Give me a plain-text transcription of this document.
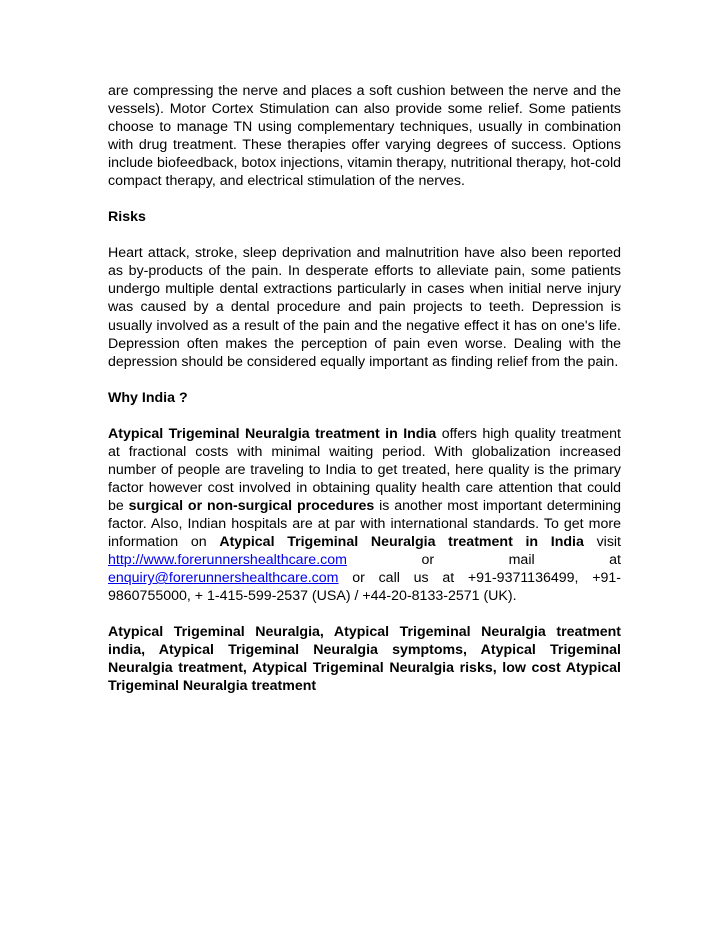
are compressing the nerve and places a soft cushion between the nerve and the vessels). Motor Cortex Stimulation can also provide some relief. Some patients choose to manage TN using complementary techniques, usually in combination with drug treatment. These therapies offer varying degrees of success. Options include biofeedback, botox injections, vitamin therapy, nutritional therapy, hot-cold compact therapy, and electrical stimulation of the nerves.

Risks

Heart attack, stroke, sleep deprivation and malnutrition have also been reported as by-products of the pain. In desperate efforts to alleviate pain, some patients undergo multiple dental extractions particularly in cases when initial nerve injury was caused by a dental procedure and pain projects to teeth. Depression is usually involved as a result of the pain and the negative effect it has on one's life. Depression often makes the perception of pain even worse. Dealing with the depression should be considered equally important as finding relief from the pain.

Why India ?

Atypical Trigeminal Neuralgia treatment in India offers high quality treatment at fractional costs with minimal waiting period. With globalization increased number of people are traveling to India to get treated, here quality is the primary factor however cost involved in obtaining quality health care attention that could be surgical or non-surgical procedures is another most important determining factor. Also, Indian hospitals are at par with international standards. To get more information on Atypical Trigeminal Neuralgia treatment in India visit http://www.forerunnershealthcare.com or mail at enquiry@forerunnershealthcare.com or call us at +91-9371136499, +91-9860755000, + 1-415-599-2537 (USA) / +44-20-8133-2571 (UK).

Atypical Trigeminal Neuralgia, Atypical Trigeminal Neuralgia treatment india, Atypical Trigeminal Neuralgia symptoms, Atypical Trigeminal Neuralgia treatment, Atypical Trigeminal Neuralgia risks, low cost Atypical Trigeminal Neuralgia treatment
